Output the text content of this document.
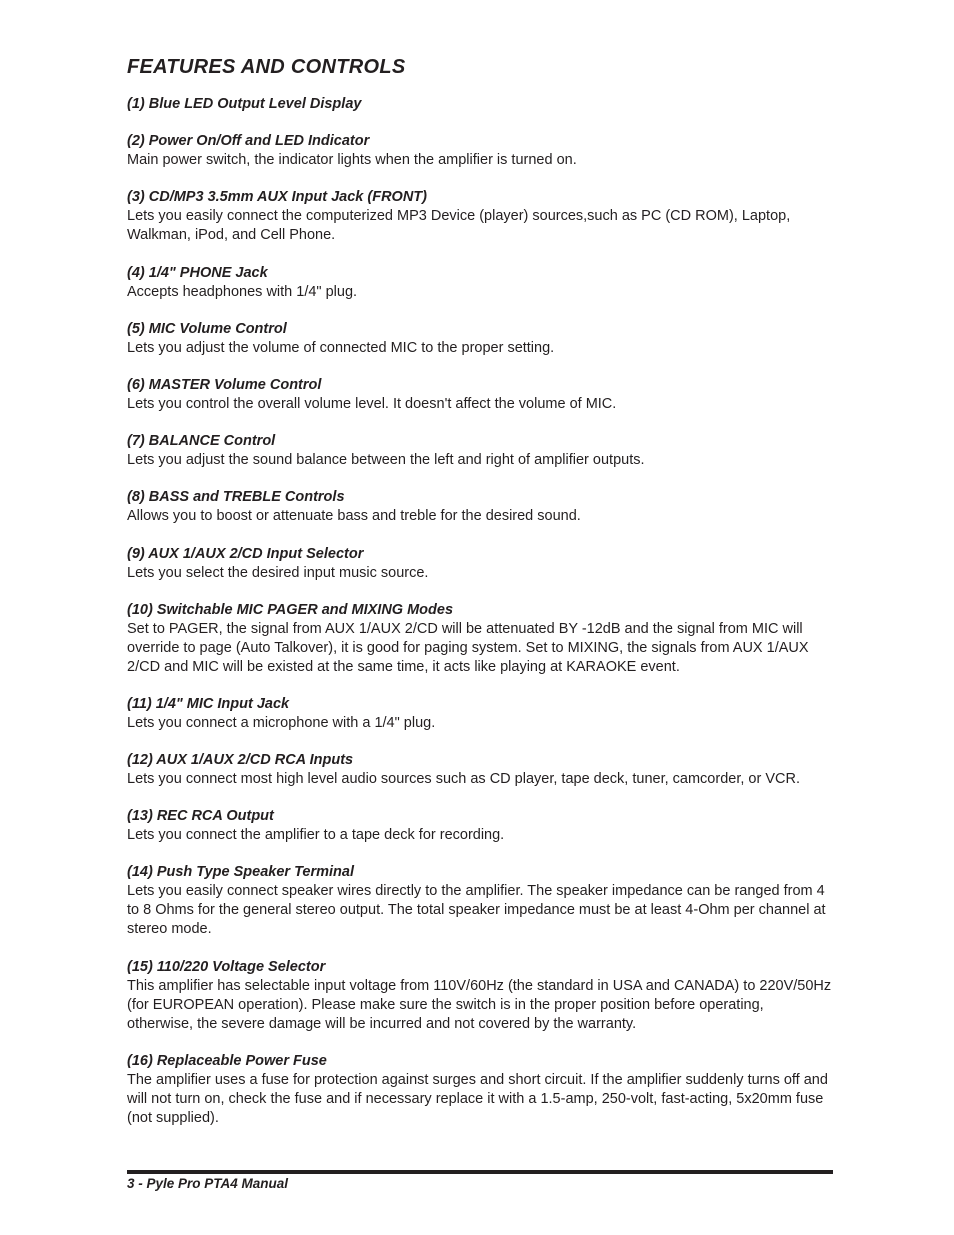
FEATURES AND CONTROLS

(1) Blue LED Output Level Display

(2) Power On/Off and LED Indicator

Main power switch, the indicator lights when the amplifier is turned on.

(3) CD/MP3 3.5mm AUX Input Jack (FRONT)

Lets you easily connect the computerized MP3 Device (player) sources,such as PC (CD ROM), Laptop, Walkman, iPod, and Cell Phone.

(4) 1/4" PHONE Jack

Accepts headphones with 1/4" plug.

(5) MIC Volume Control

Lets you adjust the volume of connected MIC to the proper setting.

(6) MASTER Volume Control

Lets you control the overall volume level. It doesn't affect the volume of MIC.

(7) BALANCE Control

Lets you adjust the sound balance between the left and right of amplifier outputs.

(8) BASS and TREBLE Controls

Allows you to boost or attenuate bass and treble for the desired sound.

(9) AUX 1/AUX 2/CD Input Selector

Lets you select the desired input music source.

(10) Switchable MIC PAGER and MIXING Modes

Set to PAGER, the signal from AUX 1/AUX 2/CD will be attenuated BY -12dB and the signal from MIC will override to page (Auto Talkover), it is good for paging system. Set to MIXING, the signals from AUX 1/AUX 2/CD and MIC will be existed at the same time, it acts like playing at KARAOKE event.

(11) 1/4" MIC Input Jack

Lets you connect a microphone with a 1/4" plug.

(12) AUX 1/AUX 2/CD RCA Inputs

Lets you connect most high level audio sources such as CD player, tape deck, tuner, camcorder, or VCR.

(13) REC RCA Output

Lets you connect the amplifier to a tape deck for recording.

(14) Push Type Speaker Terminal

Lets you easily connect speaker wires directly to the amplifier. The speaker impedance can be ranged from 4 to 8 Ohms for the general stereo output. The total speaker impedance must be at least 4-Ohm per channel at stereo mode.

(15) 110/220 Voltage Selector

This amplifier has selectable input voltage from 110V/60Hz (the standard in USA and CANADA) to 220V/50Hz (for EUROPEAN operation). Please make sure the switch is in the proper position before operating, otherwise, the severe damage will be incurred and not covered by the warranty.

(16) Replaceable Power Fuse

The amplifier uses a fuse for protection against surges and short circuit. If the amplifier suddenly turns off and will not turn on, check the fuse and if necessary replace it with a 1.5-amp, 250-volt, fast-acting, 5x20mm fuse (not supplied).

3 - Pyle Pro PTA4 Manual
